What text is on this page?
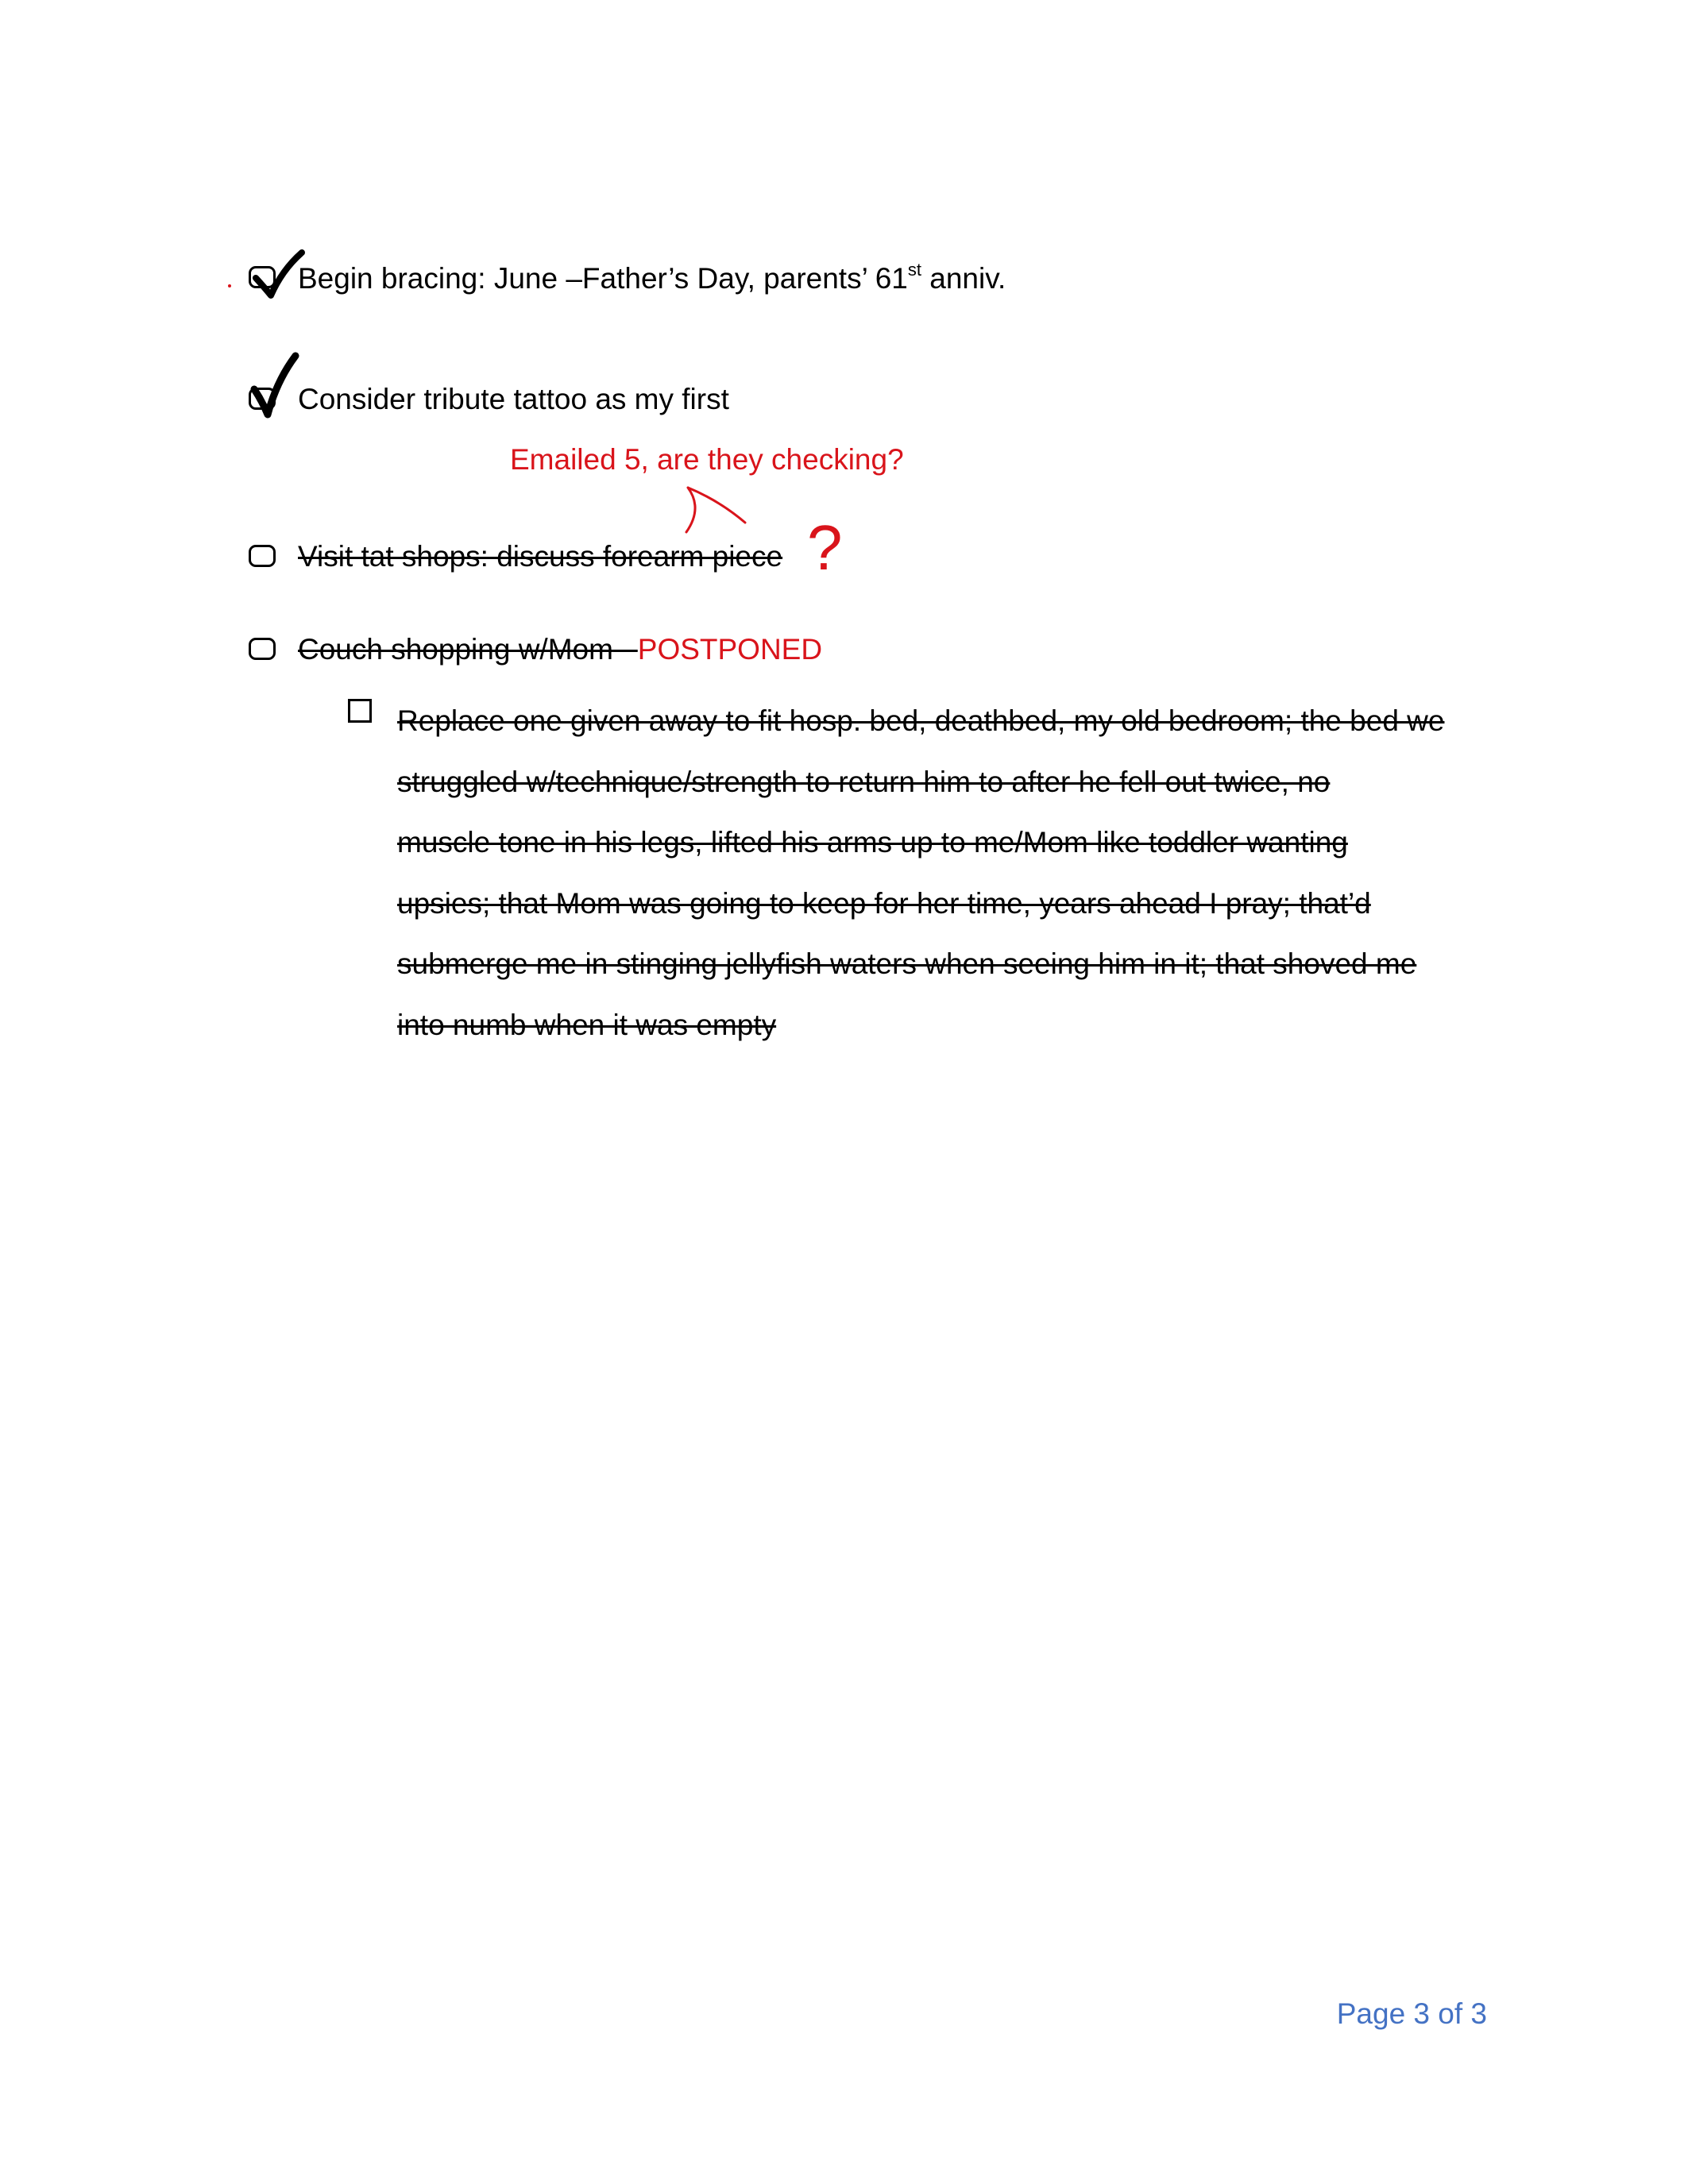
Begin bracing: June –Father’s Day, parents’ 61st anniv.
Consider tribute tattoo as my first
Emailed 5, are they checking?
Visit tat shops: discuss forearm piece ?
Couch shopping w/Mom POSTPONED
Replace one given away to fit hosp. bed, deathbed, my old bedroom; the bed we
struggled w/technique/strength to return him to after he fell out twice, no
muscle tone in his legs, lifted his arms up to me/Mom like toddler wanting
upsies; that Mom was going to keep for her time, years ahead I pray; that’d
submerge me in stinging jellyfish waters when seeing him in it; that shoved me
into numb when it was empty
Page 3 of 3
